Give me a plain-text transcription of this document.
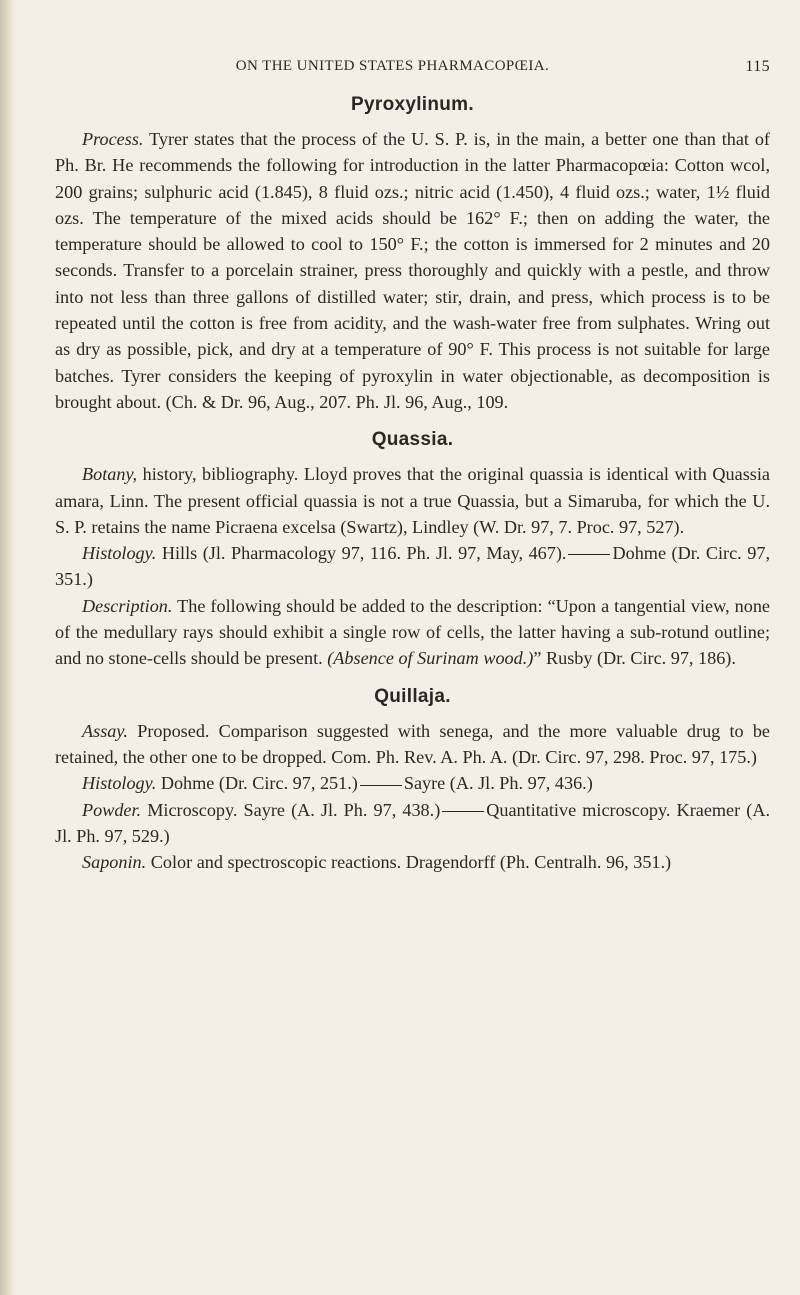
ON THE UNITED STATES PHARMACOPŒIA.	115
Pyroxylinum.

Process. Tyrer states that the process of the U. S. P. is, in the main, a better one than that of Ph. Br. He recommends the following for introduction in the latter Pharmacopœia: Cotton wcol, 200 grains; sulphuric acid (1.845), 8 fluid ozs.; nitric acid (1.450), 4 fluid ozs.; water, 1½ fluid ozs. The temperature of the mixed acids should be 162° F.; then on adding the water, the temperature should be allowed to cool to 150° F.; the cotton is immersed for 2 minutes and 20 seconds. Transfer to a porcelain strainer, press thoroughly and quickly with a pestle, and throw into not less than three gallons of distilled water; stir, drain, and press, which process is to be repeated until the cotton is free from acidity, and the wash-water free from sulphates. Wring out as dry as possible, pick, and dry at a temperature of 90° F. This process is not suitable for large batches. Tyrer considers the keeping of pyroxylin in water objectionable, as decomposition is brought about. (Ch. & Dr. 96, Aug., 207. Ph. Jl. 96, Aug., 109.

Quassia.

Botany, history, bibliography. Lloyd proves that the original quassia is identical with Quassia amara, Linn. The present official quassia is not a true Quassia, but a Simaruba, for which the U. S. P. retains the name Picraena excelsa (Swartz), Lindley (W. Dr. 97, 7. Proc. 97, 527).

Histology. Hills (Jl. Pharmacology 97, 116. Ph. Jl. 97, May, 467).	Dohme (Dr. Circ. 97, 351.)

Description. The following should be added to the description: “Upon a tangential view, none of the medullary rays should exhibit a single row of cells, the latter having a sub-rotund outline; and no stone-cells should be present. (Absence of Surinam wood.)” Rusby (Dr. Circ. 97, 186).

Quillaja.

Assay. Proposed. Comparison suggested with senega, and the more valuable drug to be retained, the other one to be dropped. Com. Ph. Rev. A. Ph. A. (Dr. Circ. 97, 298. Proc. 97, 175.)

Histology. Dohme (Dr. Circ. 97, 251.)	Sayre (A. Jl. Ph. 97, 436.)

Powder. Microscopy. Sayre (A. Jl. Ph. 97, 438.)	Quantitative microscopy. Kraemer (A. Jl. Ph. 97, 529.)

Saponin. Color and spectroscopic reactions. Dragendorff (Ph. Centralh. 96, 351.)
